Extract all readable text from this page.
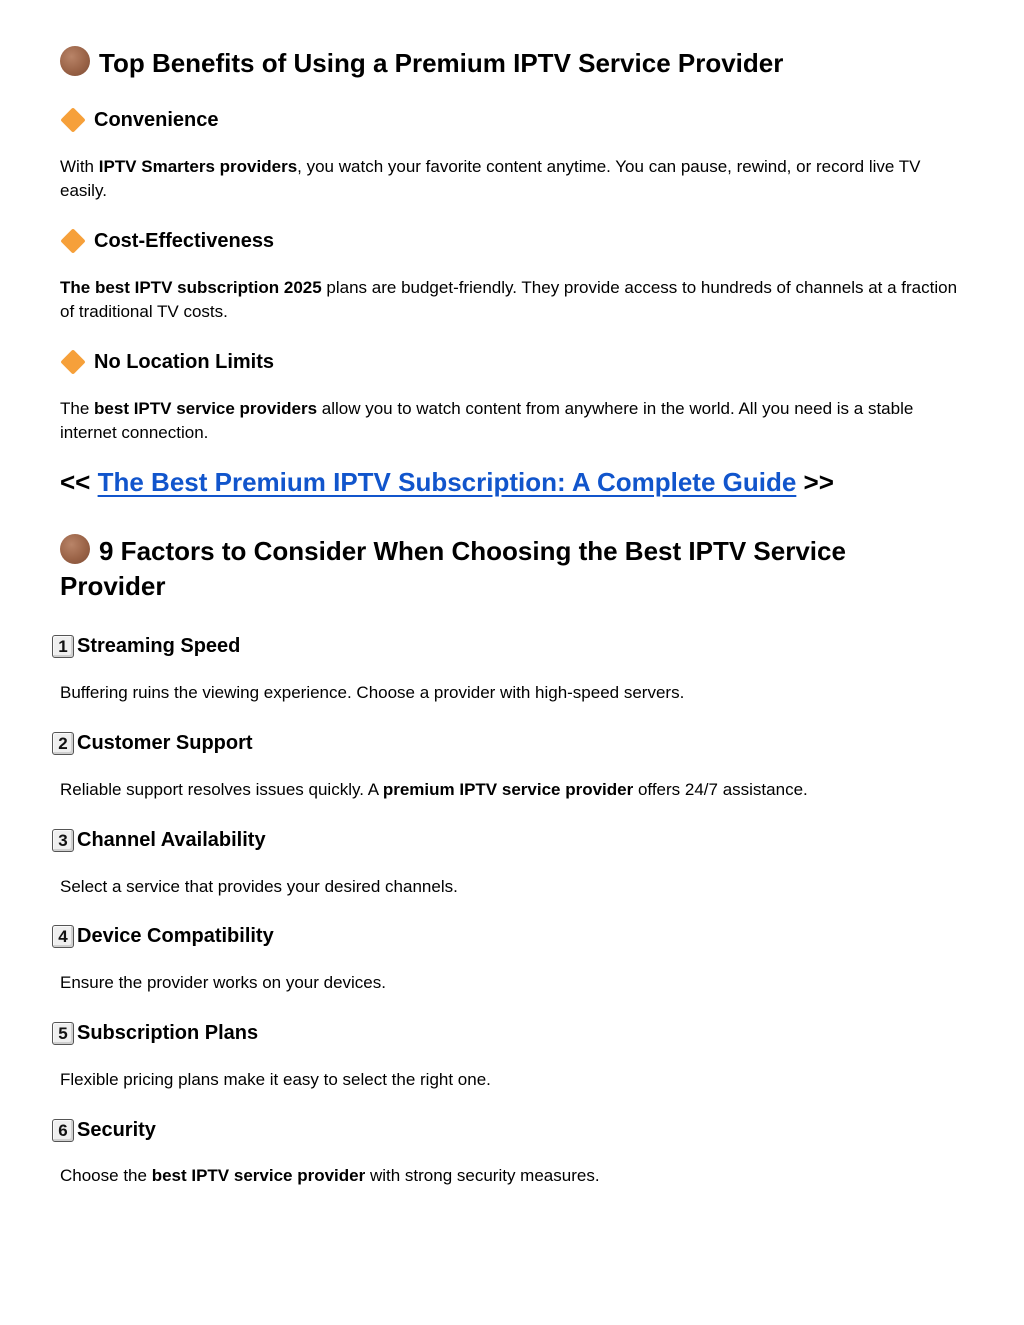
Top Benefits of Using a Premium IPTV Service Provider
Convenience

With IPTV Smarters providers, you watch your favorite content anytime. You can pause, rewind, or record live TV easily.

Cost-Effectiveness

The best IPTV subscription 2025 plans are budget-friendly. They provide access to hundreds of channels at a fraction of traditional TV costs.

No Location Limits

The best IPTV service providers allow you to watch content from anywhere in the world. All you need is a stable internet connection.

<< The Best Premium IPTV Subscription: A Complete Guide >>
9 Factors to Consider When Choosing the Best IPTV Service Provider
1 Streaming Speed

Buffering ruins the viewing experience. Choose a provider with high-speed servers.

2 Customer Support

Reliable support resolves issues quickly. A premium IPTV service provider offers 24/7 assistance.

3 Channel Availability

Select a service that provides your desired channels.

4 Device Compatibility

Ensure the provider works on your devices.

5 Subscription Plans

Flexible pricing plans make it easy to select the right one.

6 Security

Choose the best IPTV service provider with strong security measures.
